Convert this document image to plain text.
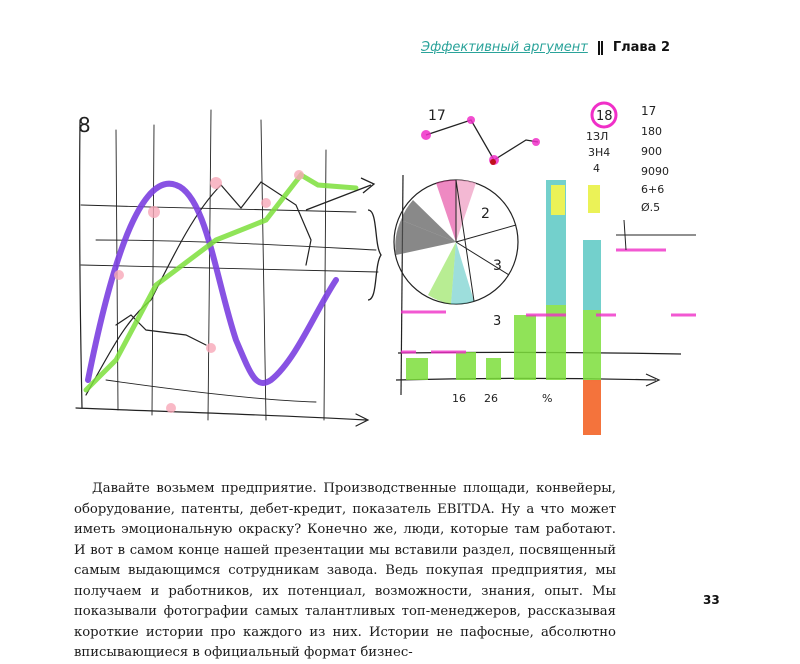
Эффективный аргумент Глава 2
8
2
3
17	18
1ЗЛ
3H4
4
17
180
900
9090
6+6
Ø.5
3
16 26	%

Давайте возьмем предприятие. Производственные площади, конвейеры, оборудование, патенты, дебет-кредит, показатель EBITDA. Ну а что может иметь эмоциональную окраску? Конечно же, люди, которые там работают. И вот в самом конце нашей презентации мы вставили раздел, посвященный самым выдающимся сотрудникам завода. Ведь покупая предприятия, мы получаем и работников, их потенциал, возможности, знания, опыт. Мы показывали фотографии самых талантливых топ-менеджеров, рассказывая короткие истории про каждого из них. Истории не пафосные, абсолютно вписывающиеся в официальный формат бизнес-

33
